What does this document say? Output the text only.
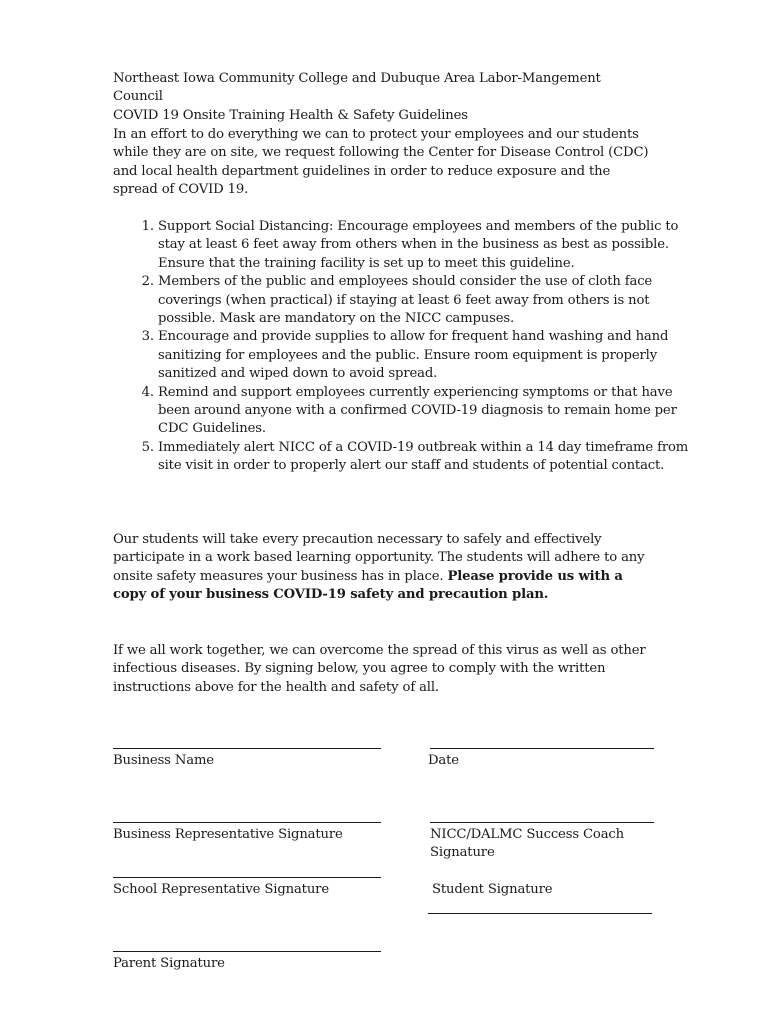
Northeast Iowa Community College and Dubuque Area Labor-Mangement Council
COVID 19 Onsite Training Health & Safety Guidelines
In an effort to do everything we can to protect your employees and our students while they are on site, we request following the Center for Disease Control (CDC) and local health department guidelines in order to reduce exposure and the spread of COVID 19.
1. Support Social Distancing: Encourage employees and members of the public to stay at least 6 feet away from others when in the business as best as possible. Ensure that the training facility is set up to meet this guideline.
2. Members of the public and employees should consider the use of cloth face coverings (when practical) if staying at least 6 feet away from others is not possible. Mask are mandatory on the NICC campuses.
3. Encourage and provide supplies to allow for frequent hand washing and hand sanitizing for employees and the public. Ensure room equipment is properly sanitized and wiped down to avoid spread.
4. Remind and support employees currently experiencing symptoms or that have been around anyone with a confirmed COVID-19 diagnosis to remain home per CDC Guidelines.
5. Immediately alert NICC of a COVID-19 outbreak within a 14 day timeframe from site visit in order to properly alert our staff and students of potential contact.
Our students will take every precaution necessary to safely and effectively participate in a work based learning opportunity. The students will adhere to any onsite safety measures your business has in place. Please provide us with a copy of your business COVID-19 safety and precaution plan.
If we all work together, we can overcome the spread of this virus as well as other infectious diseases. By signing below, you agree to comply with the written instructions above for the health and safety of all.
Business Name	Date
Business Representative Signature	NICC/DALMC Success Coach Signature
School Representative Signature	Student Signature
Parent Signature
